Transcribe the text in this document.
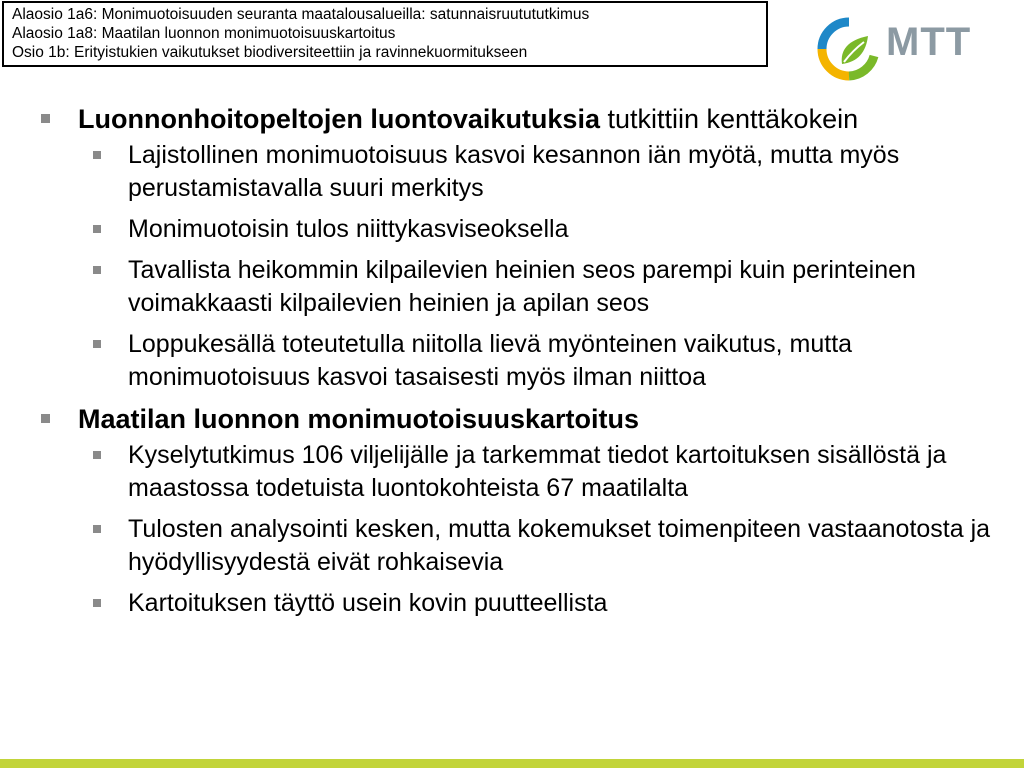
Alaosio 1a6: Monimuotoisuuden seuranta maatalousalueilla: satunnaisruutututkimus
Alaosio 1a8: Maatilan luonnon monimuotoisuuskartoitus
Osio 1b: Erityistukien vaikutukset biodiversiteettiin ja ravinnekuormitukseen	MTT
Luonnonhoitopeltojen luontovaikutuksia tutkittiin kenttäkokein
Lajistollinen monimuotoisuus kasvoi kesannon iän myötä, mutta myös perustamistavalla suuri merkitys
Monimuotoisin tulos niittykasviseoksella
Tavallista heikommin kilpailevien heinien seos parempi kuin perinteinen voimakkaasti kilpailevien heinien ja apilan seos
Loppukesällä toteutetulla niitolla lievä myönteinen vaikutus, mutta monimuotoisuus kasvoi tasaisesti myös ilman niittoa
Maatilan luonnon monimuotoisuuskartoitus
Kyselytutkimus 106 viljelijälle ja tarkemmat tiedot kartoituksen sisällöstä ja maastossa todetuista luontokohteista 67 maatilalta
Tulosten analysointi kesken, mutta kokemukset toimenpiteen vastaanotosta ja hyödyllisyydestä eivät rohkaisevia
Kartoituksen täyttö usein kovin puutteellista
